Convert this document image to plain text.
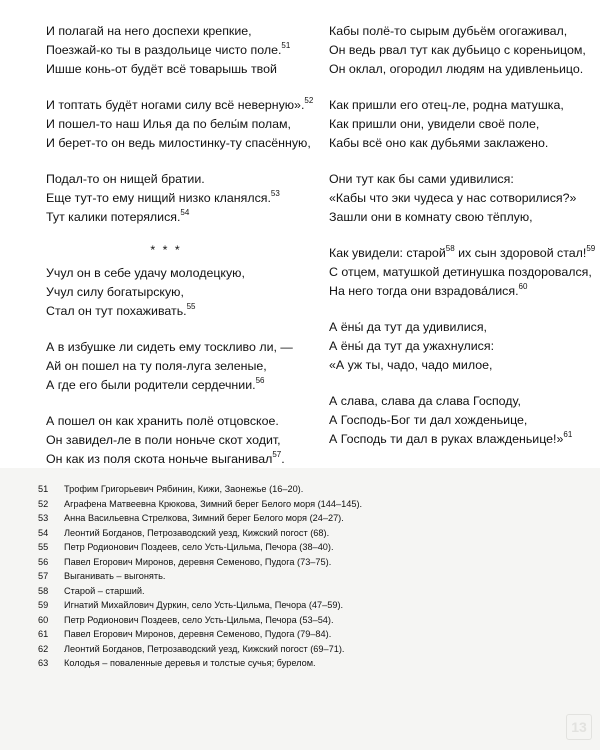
И полагай на него доспехи крепкие,
Поезжай-ко ты в раздольице чисто поле.$^{51}$
Ишше конь-от будёт всё товарышь твой
И топтать будёт ногами силу всё неверную».$^{52}$
И пошел-то наш Илья да по белы́м полам,
И берет-то он ведь милостинку-ту спасённую,
Подал-то он нищей братии.
Еще тут-то ему нищий низко кланялся.$^{53}$
Тут калики потерялися.$^{54}$
* * *
Учул он в себе удачу молодецкую,
Учул силу богатырскую,
Стал он тут похаживать.$^{55}$
А в избушке ли сидеть ему тоскливо ли, —
Ай он пошел на ту поля-луга зеленые,
А где его были родители сердечнии.$^{56}$
А пошел он как хранить полё отцовское.
Он завидел-ле в поли ноньче скот ходит,
Он как из поля скота ноньче выганивал$^{57}$.
Кабы полё-то сырым дубьём огогаживал,
Он ведь рвал тут как дубьицо с кореньицом,
Он оклал, огородил людям на удивленьицо.
Как пришли его отец-ле, родна матушка,
Как пришли они, увидели своё поле,
Кабы всё оно как дубьями заклажено.
Они тут как бы сами удивилися:
«Кабы что эки чудеса у нас сотворилися?»
Зашли они в комнату свою тёплую,
Как увидели: старой$^{58}$ их сын здоровой стал!$^{59}$
С отцем, матушкой детинушка поздоровался,
На него тогда они взрадова́лися.$^{60}$
А ёны́ да тут да удивилися,
А ёны́ да тут да ужахнулися:
«А уж ты, чадо, чадо милое,
А слава, слава да слава Господу,
А Господь-Бог ти дал хожденьице,
А Господь ти дал в руках влажденьице!»$^{61}$
51	Трофим Григорьевич Рябинин, Кижи, Заонежье (16–20).
52	Аграфена Матвеевна Крюкова, Зимний берег Белого моря (144–145).
53	Анна Васильевна Стрелкова, Зимний берег Белого моря (24–27).
54	Леонтий Богданов, Петрозаводский уезд, Кижский погост (68).
55	Петр Родионович Поздеев, село Усть-Цильма, Печора (38–40).
56	Павел Егорович Миронов, деревня Семеново, Пудога (73–75).
57	Выганивать – выгонять.
58	Старой – старший.
59	Игнатий Михайлович Дуркин, село Усть-Цильма, Печора (47–59).
60	Петр Родионович Поздеев, село Усть-Цильма, Печора (53–54).
61	Павел Егорович Миронов, деревня Семеново, Пудога (79–84).
62	Леонтий Богданов, Петрозаводский уезд, Кижский погост (69–71).
63	Колодья – поваленные деревья и толстые сучья; бурелом.
13
